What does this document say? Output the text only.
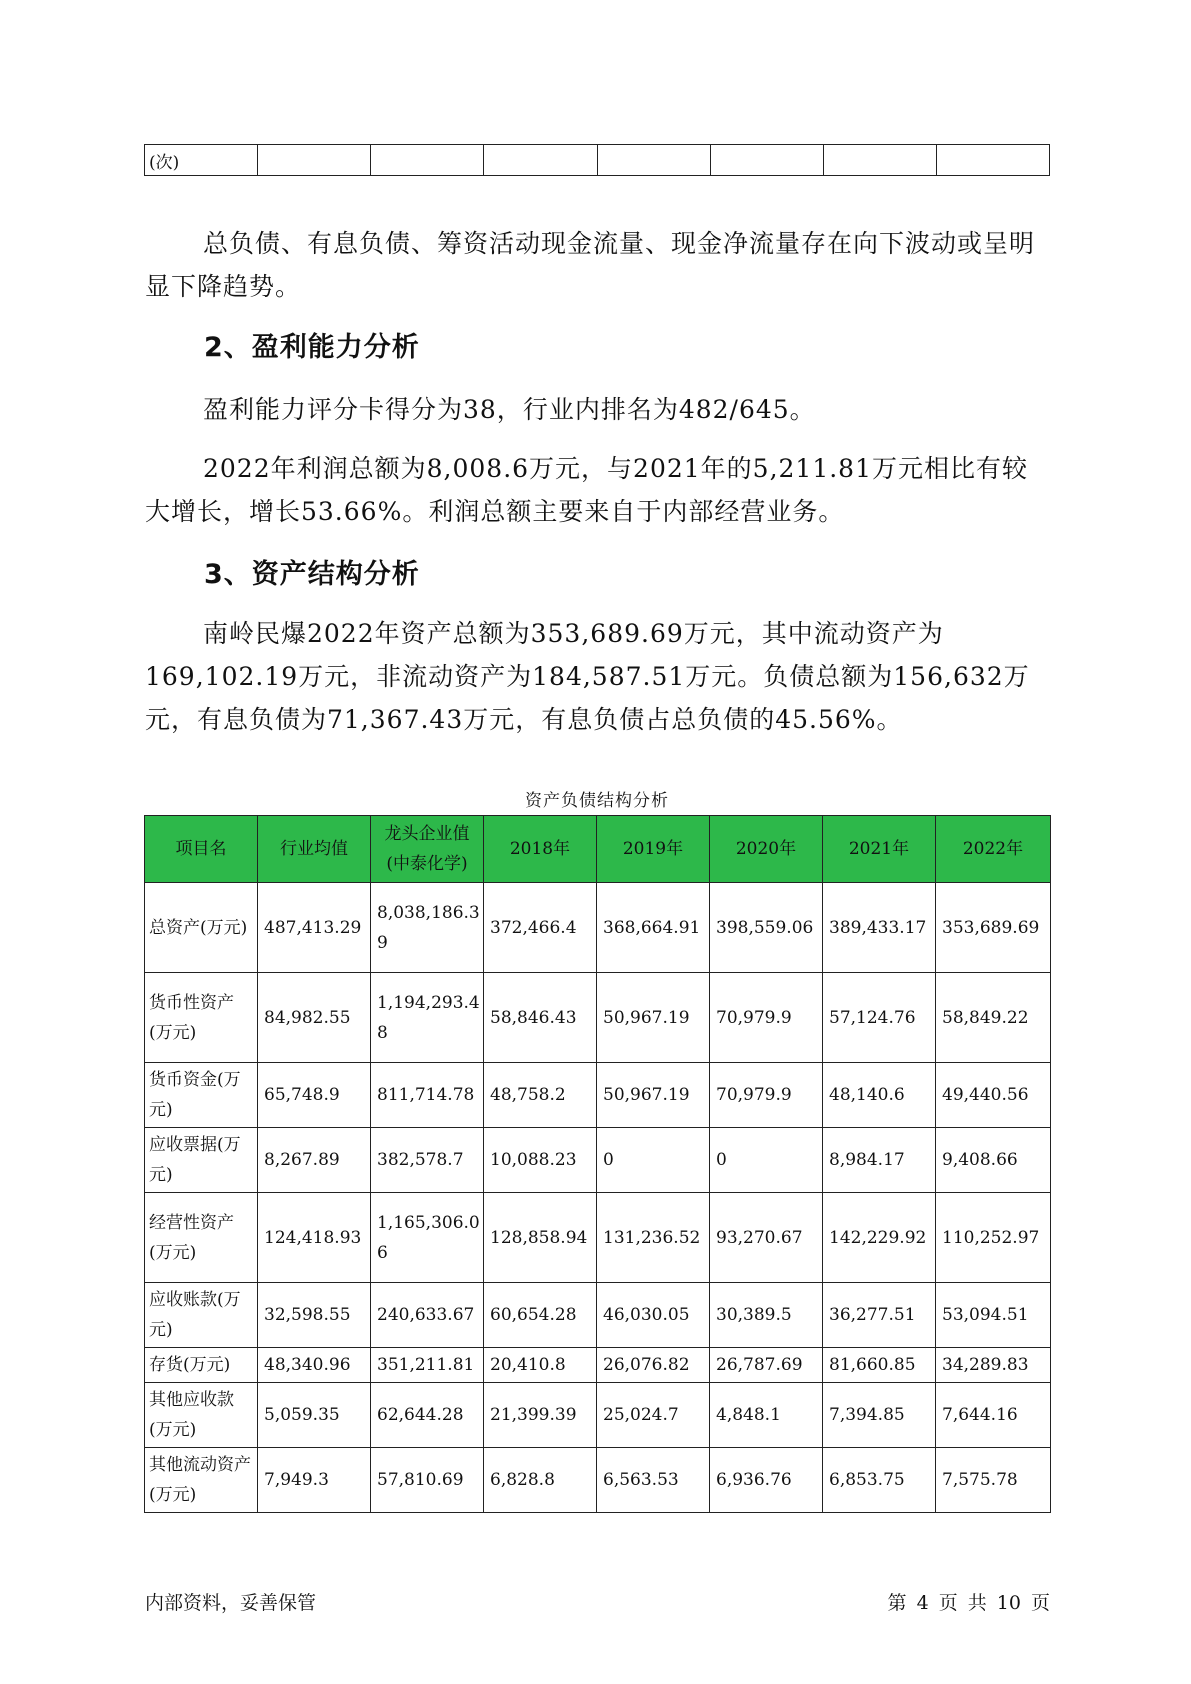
(次)							

总负债、有息负债、筹资活动现金流量、现金净流量存在向下波动或呈明显下降趋势。

2、盈利能力分析

盈利能力评分卡得分为38，行业内排名为482/645。

2022年利润总额为8,008.6万元，与2021年的5,211.81万元相比有较大增长，增长53.66%。利润总额主要来自于内部经营业务。

3、资产结构分析

南岭民爆2022年资产总额为353,689.69万元，其中流动资产为169,102.19万元，非流动资产为184,587.51万元。负债总额为156,632万元，有息负债为71,367.43万元，有息负债占总负债的45.56%。

资产负债结构分析
项目名	行业均值	龙头企业值(中泰化学)	2018年	2019年	2020年	2021年	2022年
总资产(万元)	487,413.29	8,038,186.39	372,466.4	368,664.91	398,559.06	389,433.17	353,689.69
货币性资产(万元)	84,982.55	1,194,293.48	58,846.43	50,967.19	70,979.9	57,124.76	58,849.22
货币资金(万元)	65,748.9	811,714.78	48,758.2	50,967.19	70,979.9	48,140.6	49,440.56
应收票据(万元)	8,267.89	382,578.7	10,088.23	0	0	8,984.17	9,408.66
经营性资产(万元)	124,418.93	1,165,306.06	128,858.94	131,236.52	93,270.67	142,229.92	110,252.97
应收账款(万元)	32,598.55	240,633.67	60,654.28	46,030.05	30,389.5	36,277.51	53,094.51
存货(万元)	48,340.96	351,211.81	20,410.8	26,076.82	26,787.69	81,660.85	34,289.83
其他应收款(万元)	5,059.35	62,644.28	21,399.39	25,024.7	4,848.1	7,394.85	7,644.16
其他流动资产(万元)	7,949.3	57,810.69	6,828.8	6,563.53	6,936.76	6,853.75	7,575.78
内部资料，妥善保管	第 4 页 共 10 页
